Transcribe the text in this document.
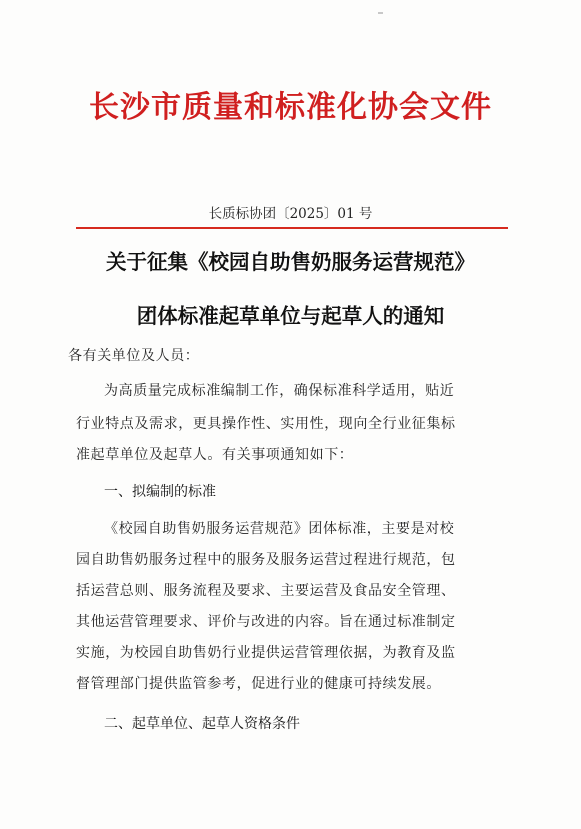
长沙市质量和标准化协会文件
长质标协团〔2025〕01 号
关于征集《校园自助售奶服务运营规范》
团体标准起草单位与起草人的通知
各有关单位及人员：
为高质量完成标准编制工作，确保标准科学适用，贴近
行业特点及需求，更具操作性、实用性，现向全行业征集标
准起草单位及起草人。有关事项通知如下：
一、拟编制的标准
《校园自助售奶服务运营规范》团体标准，主要是对校
园自助售奶服务过程中的服务及服务运营过程进行规范，包
括运营总则、服务流程及要求、主要运营及食品安全管理、
其他运营管理要求、评价与改进的内容。旨在通过标准制定
实施，为校园自助售奶行业提供运营管理依据，为教育及监
督管理部门提供监管参考，促进行业的健康可持续发展。
二、起草单位、起草人资格条件
